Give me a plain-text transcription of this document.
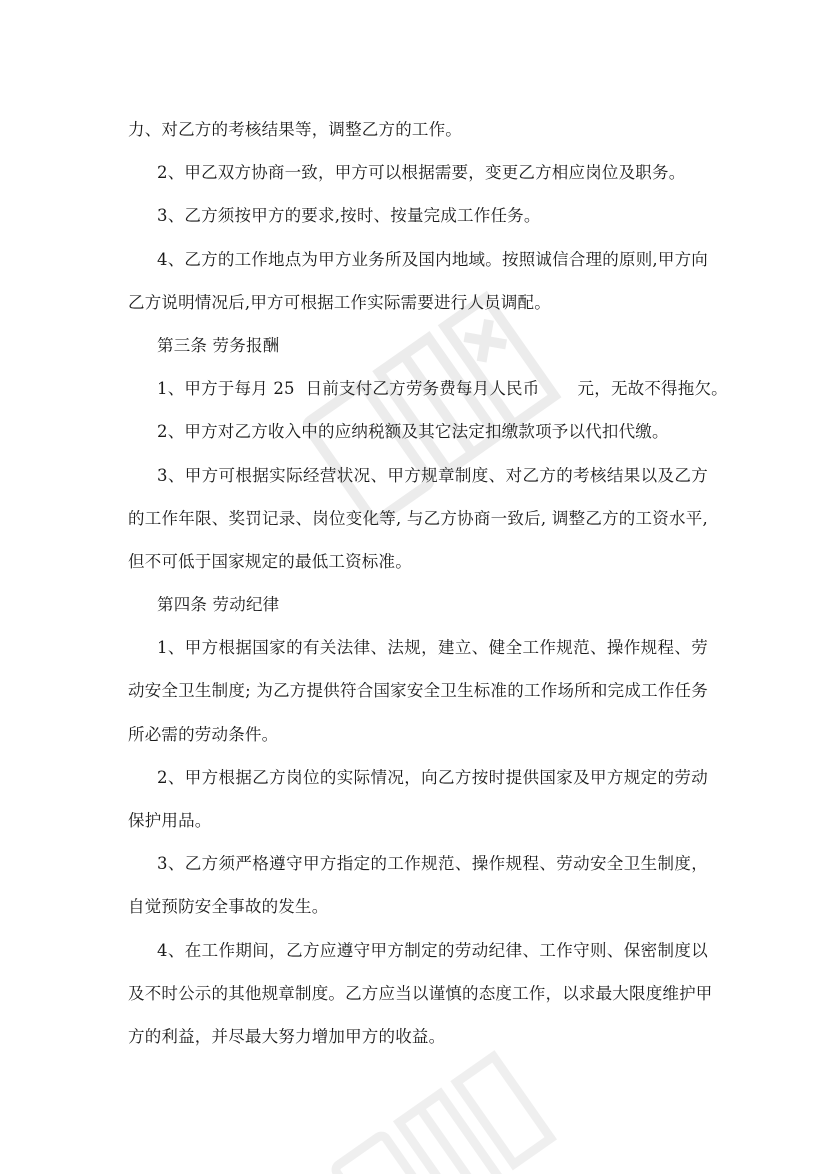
力、对乙方的考核结果等，调整乙方的工作。
2、甲乙双方协商一致，甲方可以根据需要，变更乙方相应岗位及职务。
3、乙方须按甲方的要求,按时、按量完成工作任务。
4、乙方的工作地点为甲方业务所及国内地域。按照诚信合理的原则,甲方向
乙方说明情况后,甲方可根据工作实际需要进行人员调配。
第三条 劳务报酬
1、甲方于每月 25  日前支付乙方劳务费每月人民币       元，无故不得拖欠。
2、甲方对乙方收入中的应纳税额及其它法定扣缴款项予以代扣代缴。
3、甲方可根据实际经营状况、甲方规章制度、对乙方的考核结果以及乙方
的工作年限、奖罚记录、岗位变化等, 与乙方协商一致后, 调整乙方的工资水平,
但不可低于国家规定的最低工资标准。
第四条 劳动纪律
1、甲方根据国家的有关法律、法规，建立、健全工作规范、操作规程、劳
动安全卫生制度; 为乙方提供符合国家安全卫生标准的工作场所和完成工作任务
所必需的劳动条件。
2、甲方根据乙方岗位的实际情况，向乙方按时提供国家及甲方规定的劳动
保护用品。
3、乙方须严格遵守甲方指定的工作规范、操作规程、劳动安全卫生制度，
自觉预防安全事故的发生。
4、在工作期间，乙方应遵守甲方制定的劳动纪律、工作守则、保密制度以
及不时公示的其他规章制度。乙方应当以谨慎的态度工作，以求最大限度维护甲
方的利益，并尽最大努力增加甲方的收益。
